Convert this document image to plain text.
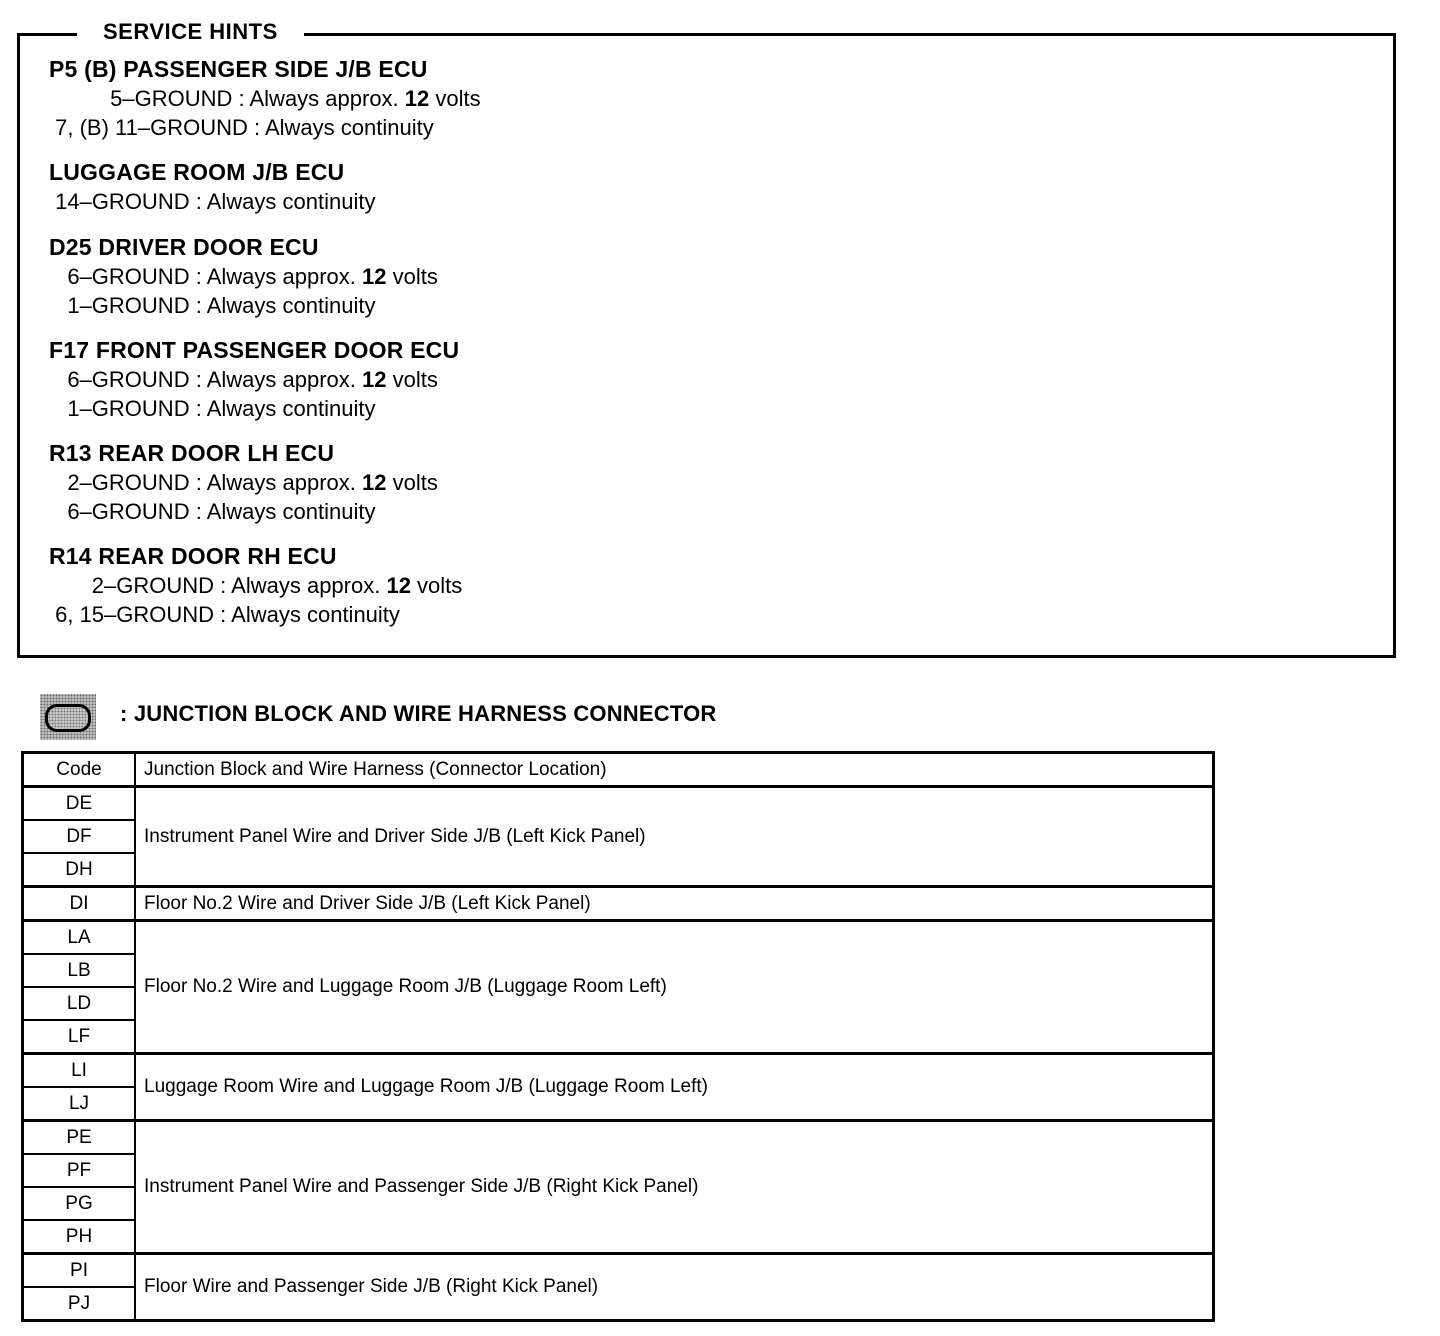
SERVICE HINTS
P5 (B) PASSENGER SIDE J/B ECU
5–GROUND : Always approx. 12 volts
7, (B) 11–GROUND : Always continuity
LUGGAGE ROOM J/B ECU
14–GROUND : Always continuity
D25 DRIVER DOOR ECU
6–GROUND : Always approx. 12 volts
1–GROUND : Always continuity
F17 FRONT PASSENGER DOOR ECU
6–GROUND : Always approx. 12 volts
1–GROUND : Always continuity
R13 REAR DOOR LH ECU
2–GROUND : Always approx. 12 volts
6–GROUND : Always continuity
R14 REAR DOOR RH ECU
2–GROUND : Always approx. 12 volts
6, 15–GROUND : Always continuity
: JUNCTION BLOCK AND WIRE HARNESS CONNECTOR
Code	Junction Block and Wire Harness (Connector Location)
DE	Instrument Panel Wire and Driver Side J/B (Left Kick Panel)
DF	
DH	
DI	Floor No.2 Wire and Driver Side J/B (Left Kick Panel)
LA	Floor No.2 Wire and Luggage Room J/B (Luggage Room Left)
LB	
LD	
LF	
LI	Luggage Room Wire and Luggage Room J/B (Luggage Room Left)
LJ	
PE	Instrument Panel Wire and Passenger Side J/B (Right Kick Panel)
PF	
PG	
PH	
PI	Floor Wire and Passenger Side J/B (Right Kick Panel)
PJ	
